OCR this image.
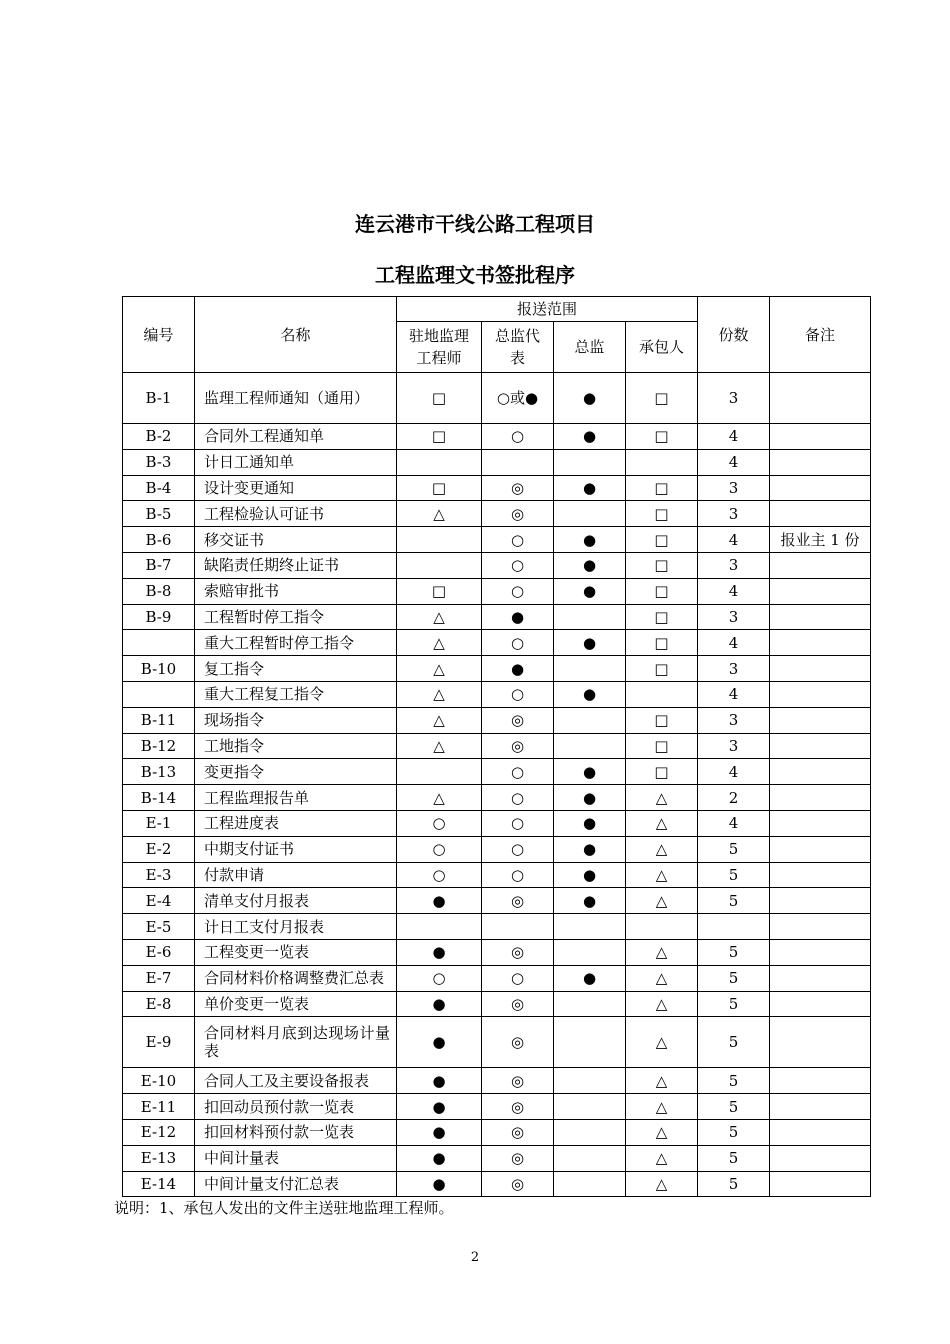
连云港市干线公路工程项目
工程监理文书签批程序
编号	名称	报送范围				份数	备注
		驻地监理工程师	总监代表	总监	承包人		
B-1	监理工程师通知（通用）	□	○或●	●	□	3	
B-2	合同外工程通知单	□	○	●	□	4	
B-3	计日工通知单					4	
B-4	设计变更通知	□	◎	●	□	3	
B-5	工程检验认可证书	△	◎		□	3	
B-6	移交证书		○	●	□	4	报业主 1 份
B-7	缺陷责任期终止证书		○	●	□	3	
B-8	索赔审批书	□	○	●	□	4	
B-9	工程暂时停工指令	△	●		□	3	
	重大工程暂时停工指令	△	○	●	□	4	
B-10	复工指令	△	●		□	3	
	重大工程复工指令	△	○	●		4	
B-11	现场指令	△	◎		□	3	
B-12	工地指令	△	◎		□	3	
B-13	变更指令		○	●	□	4	
B-14	工程监理报告单	△	○	●	△	2	
E-1	工程进度表	○	○	●	△	4	
E-2	中期支付证书	○	○	●	△	5	
E-3	付款申请	○	○	●	△	5	
E-4	清单支付月报表	●	◎	●	△	5	
E-5	计日工支付月报表						
E-6	工程变更一览表	●	◎		△	5	
E-7	合同材料价格调整费汇总表	○	○	●	△	5	
E-8	单价变更一览表	●	◎		△	5	
E-9	合同材料月底到达现场计量表	●	◎		△	5	
E-10	合同人工及主要设备报表	●	◎		△	5	
E-11	扣回动员预付款一览表	●	◎		△	5	
E-12	扣回材料预付款一览表	●	◎		△	5	
E-13	中间计量表	●	◎		△	5	
E-14	中间计量支付汇总表	●	◎		△	5	
说明：1、承包人发出的文件主送驻地监理工程师。
2
